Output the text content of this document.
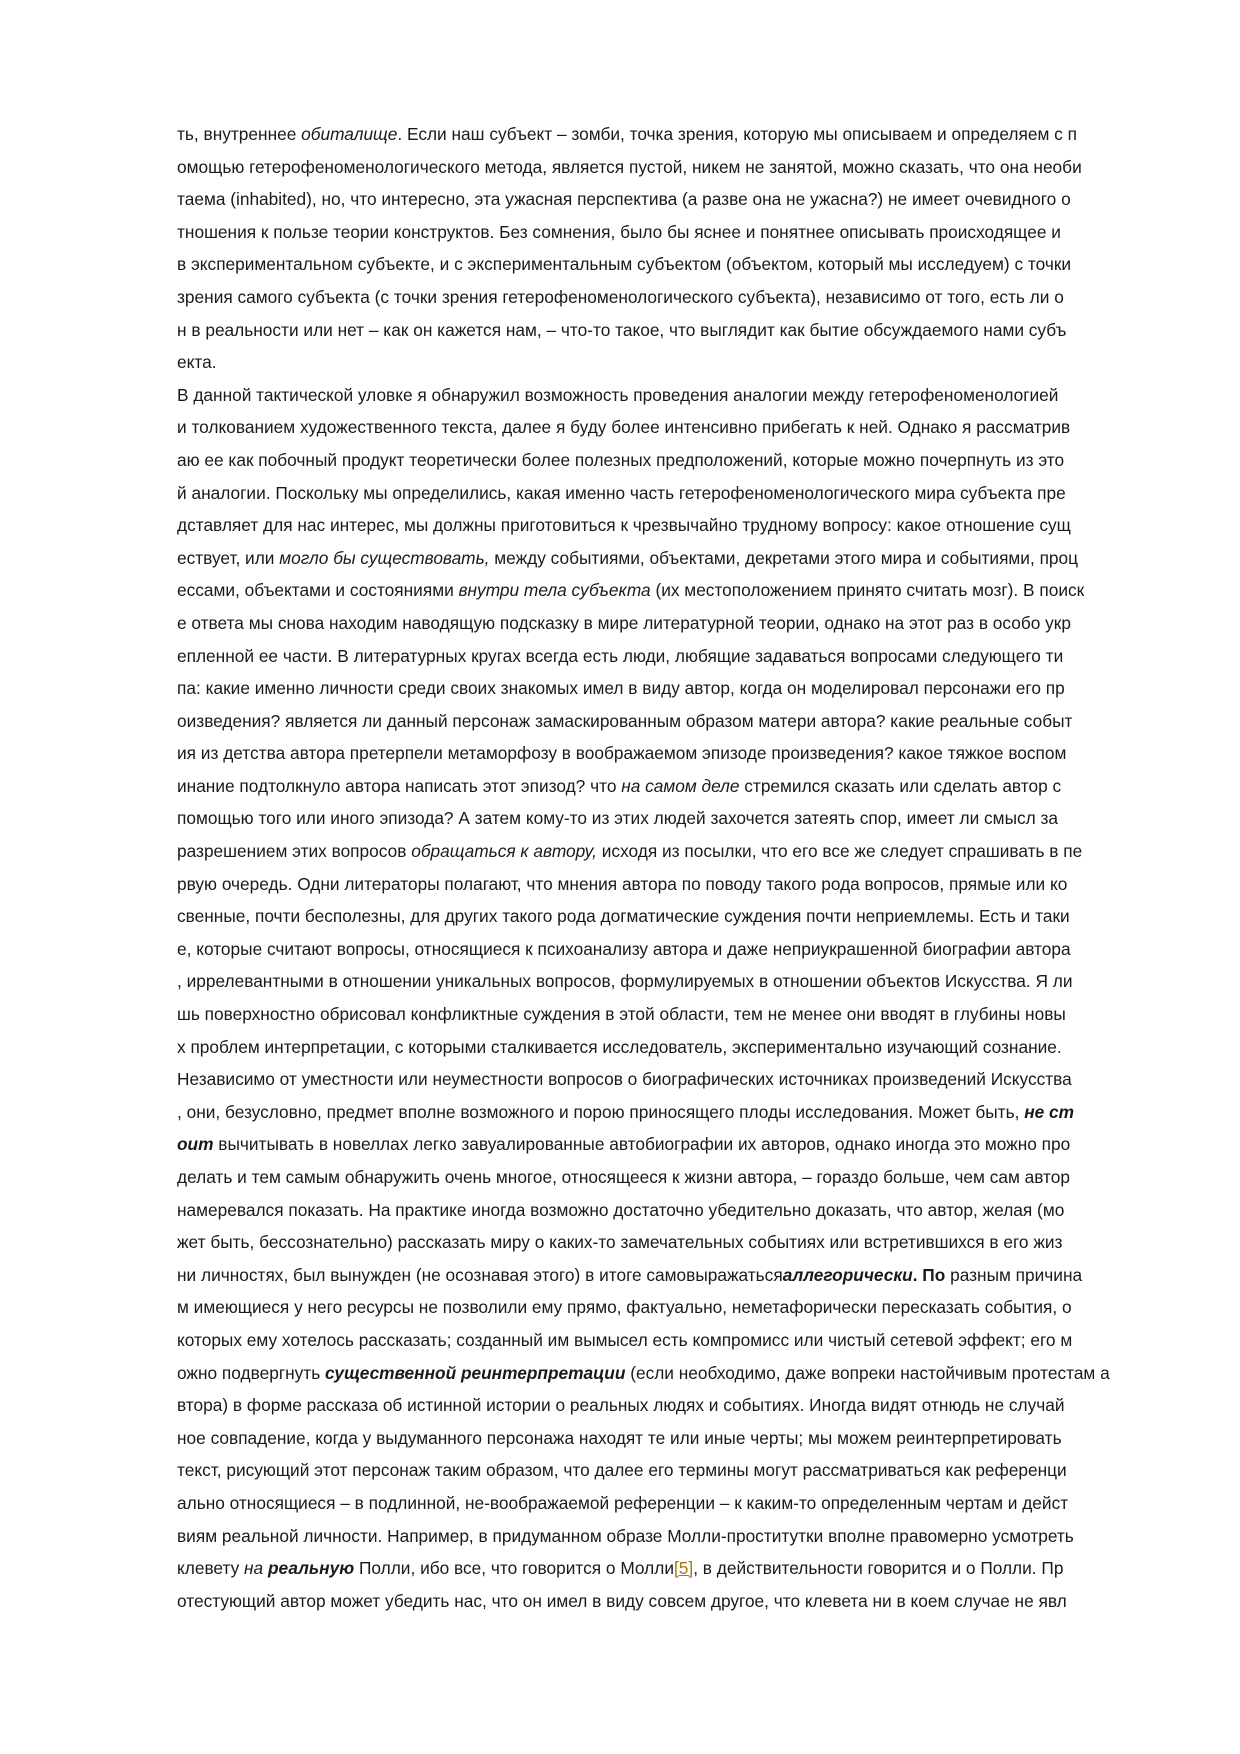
ть, внутреннее обиталище. Если наш субъект – зомби, точка зрения, которую мы описываем и определяем с п
омощью гетерофеноменологического метода, является пустой, никем не занятой, можно сказать, что она необи
таема (inhabited), но, что интересно, эта ужасная перспектива (а разве она не ужасна?) не имеет очевидного о
тношения к пользе теории конструктов. Без сомнения, было бы яснее и понятнее описывать происходящее и
в экспериментальном субъекте, и с экспериментальным субъектом (объектом, который мы исследуем) с точки
зрения самого субъекта (с точки зрения гетерофеноменологического субъекта), независимо от того, есть ли о
н в реальности или нет – как он кажется нам, – что-то такое, что выглядит как бытие обсуждаемого нами субъ
екта.
В данной тактической уловке я обнаружил возможность проведения аналогии между гетерофеноменологией
и толкованием художественного текста, далее я буду более интенсивно прибегать к ней. Однако я рассматрив
аю ее как побочный продукт теоретически более полезных предположений, которые можно почерпнуть из это
й аналогии. Поскольку мы определились, какая именно часть гетерофеноменологического мира субъекта пре
дставляет для нас интерес, мы должны приготовиться к чрезвычайно трудному вопросу: какое отношение сущ
ествует, или могло бы существовать, между событиями, объектами, декретами этого мира и событиями, проц
ессами, объектами и состояниями внутри тела субъекта (их местоположением принято считать мозг). В поиск
е ответа мы снова находим наводящую подсказку в мире литературной теории, однако на этот раз в особо укр
епленной ее части. В литературных кругах всегда есть люди, любящие задаваться вопросами следующего ти
па: какие именно личности среди своих знакомых имел в виду автор, когда он моделировал персонажи его пр
оизведения? является ли данный персонаж замаскированным образом матери автора? какие реальные событ
ия из детства автора претерпели метаморфозу в воображаемом эпизоде произведения? какое тяжкое воспом
инание подтолкнуло автора написать этот эпизод? что на самом деле стремился сказать или сделать автор с
помощью того или иного эпизода? А затем кому-то из этих людей захочется затеять спор, имеет ли смысл за
разрешением этих вопросов обращаться к автору, исходя из посылки, что его все же следует спрашивать в пе
рвую очередь. Одни литераторы полагают, что мнения автора по поводу такого рода вопросов, прямые или ко
свенные, почти бесполезны, для других такого рода догматические суждения почти неприемлемы. Есть и таки
е, которые считают вопросы, относящиеся к психоанализу автора и даже неприукрашенной биографии автора
, иррелевантными в отношении уникальных вопросов, формулируемых в отношении объектов Искусства. Я ли
шь поверхностно обрисовал конфликтные суждения в этой области, тем не менее они вводят в глубины новы
х проблем интерпретации, с которыми сталкивается исследователь, экспериментально изучающий сознание.
Независимо от уместности или неуместности вопросов о биографических источниках произведений Искусства
, они, безусловно, предмет вполне возможного и порою приносящего плоды исследования. Может быть, не ст
оит вычитывать в новеллах легко завуалированные автобиографии их авторов, однако иногда это можно про
делать и тем самым обнаружить очень многое, относящееся к жизни автора, – гораздо больше, чем сам автор
намеревался показать. На практике иногда возможно достаточно убедительно доказать, что автор, желая (мо
жет быть, бессознательно) рассказать миру о каких-то замечательных событиях или встретившихся в его жиз
ни личностях, был вынужден (не осознавая этого) в итоге самовыражатьсяаллегорически. По разным причина
м имеющиеся у него ресурсы не позволили ему прямо, фактуально, неметафорически пересказать события, о
которых ему хотелось рассказать; созданный им вымысел есть компромисс или чистый сетевой эффект; его м
ожно подвергнуть существенной реинтерпретации (если необходимо, даже вопреки настойчивым протестам а
втора) в форме рассказа об истинной истории о реальных людях и событиях. Иногда видят отнюдь не случай
ное совпадение, когда у выдуманного персонажа находят те или иные черты; мы можем реинтерпретировать
текст, рисующий этот персонаж таким образом, что далее его термины могут рассматриваться как референци
ально относящиеся – в подлинной, не-воображаемой референции – к каким-то определенным чертам и дейст
виям реальной личности. Например, в придуманном образе Молли-проститутки вполне правомерно усмотреть
клевету на реальную Полли, ибо все, что говорится о Молли[5], в действительности говорится и о Полли. Пр
отестующий автор может убедить нас, что он имел в виду совсем другое, что клевета ни в коем случае не явл
